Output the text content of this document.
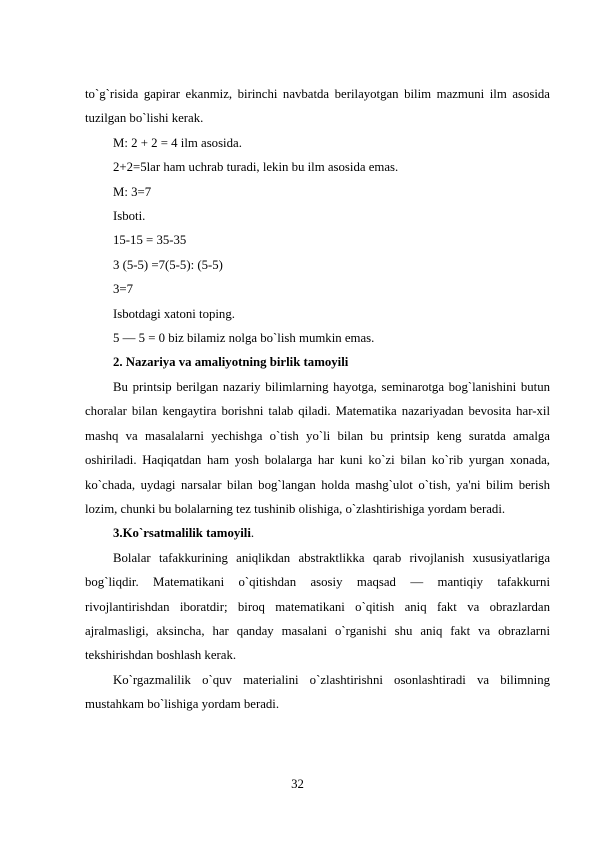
to`g`risida gapirar ekanmiz, birinchi navbatda berilayotgan bilim mazmuni ilm asosida tuzilgan bo`lishi kerak.

M: 2 + 2 = 4 ilm asosida.

2+2=5lar ham uchrab turadi, lekin bu ilm asosida emas.

M: 3=7

Isboti.

15-15 = 35-35

3 (5-5) =7(5-5): (5-5)

3=7

Isbotdagi xatoni toping.

5 — 5 = 0 biz bilamiz nolga bo`lish mumkin emas.

2. Nazariya va amaliyotning birlik tamoyili

Bu printsip berilgan nazariy bilimlarning hayotga, seminarotga bog`lanishini butun choralar bilan kengaytira borishni talab qiladi. Matematika nazariyadan bevosita har-xil mashq va masalalarni yechishga o`tish yo`li bilan bu printsip keng suratda amalga oshiriladi. Haqiqatdan ham yosh bolalarga har kuni ko`zi bilan ko`rib yurgan xonada, ko`chada, uydagi narsalar bilan bog`langan holda mashg`ulot o`tish, ya'ni bilim berish lozim, chunki bu bolalarning tez tushinib olishiga, o`zlashtirishiga yordam beradi.

3.Ko`rsatmalilik tamoyili.

Bolalar tafakkurining aniqlikdan abstraktlikka qarab rivojlanish xususiyatlariga bog`liqdir. Matematikani o`qitishdan asosiy maqsad — mantiqiy tafakkurni rivojlantirishdan iboratdir; biroq matematikani o`qitish aniq fakt va obrazlardan ajralmasligi, aksincha, har qanday masalani o`rganishi shu aniq fakt va obrazlarni tekshirishdan boshlash kerak.

Ko`rgazmalilik o`quv materialini o`zlashtirishni osonlashtiradi va bilimning mustahkam bo`lishiga yordam beradi.

32
